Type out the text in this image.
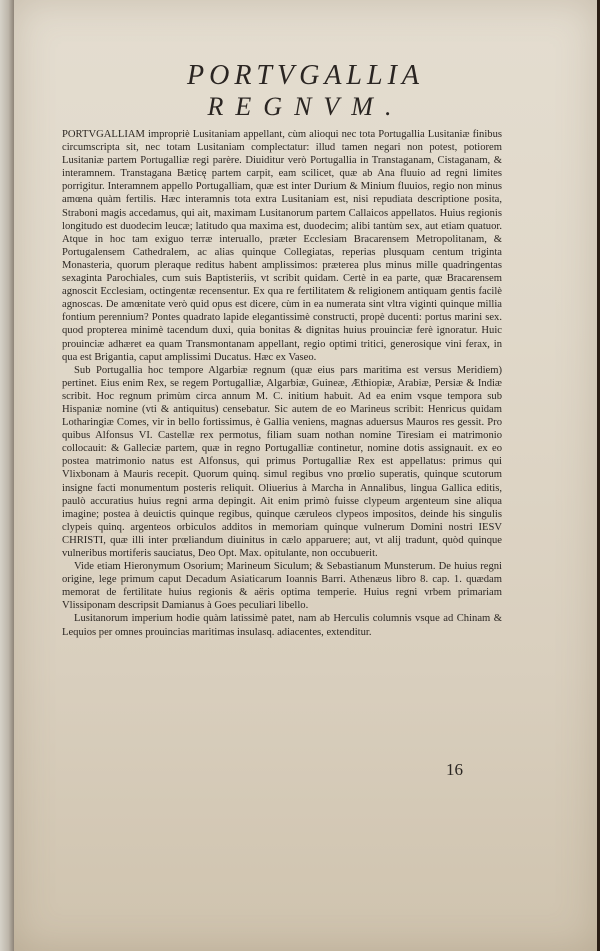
PORTVGALLIA
REGNVM.

PORTVGALLIAM impropriè Lusitaniam appellant, cùm alioqui nec tota Portugallia Lusitaniæ finibus circumscripta sit, nec totam Lusitaniam complectatur: illud tamen negari non potest, potiorem Lusitaniæ partem Portugalliæ regi parère. Diuiditur verò Portugallia in Transtaganam, Cistaganam, & interamnem. Transtagana Bæticę partem carpit, eam scilicet, quæ ab Ana fluuio ad regni limites porrigitur. Interamnem appello Portugalliam, quæ est inter Durium & Minium fluuios, regio non minus amœna quàm fertilis. Hæc interamnis tota extra Lusitaniam est, nisi repudiata descriptione posita, Straboni magis accedamus, qui ait, maximam Lusitanorum partem Callaicos appellatos. Huius regionis longitudo est duodecim leucæ; latitudo qua maxima est, duodecim; alibi tantùm sex, aut etiam quatuor. Atque in hoc tam exiguo terræ interuallo, præter Ecclesiam Bracarensem Metropolitanam, & Portugalensem Cathedralem, ac alias quinque Collegiatas, reperias plusquam centum triginta Monasteria, quorum pleraque reditus habent amplissimos: præterea plus minus mille quadringentas sexaginta Parochiales, cum suis Baptisteriis, vt scribit quidam. Certè in ea parte, quæ Bracarensem agnoscit Ecclesiam, octingentæ recensentur. Ex qua re fertilitatem & religionem antiquam gentis facilè agnoscas. De amœnitate verò quid opus est dicere, cùm in ea numerata sint vltra viginti quinque millia fontium perennium? Pontes quadrato lapide elegantissimè constructi, propè ducenti: portus marini sex. quod propterea minimè tacendum duxi, quia bonitas & dignitas huius prouinciæ ferè ignoratur. Huic prouinciæ adhæret ea quam Transmontanam appellant, regio optimi tritici, generosique vini ferax, in qua est Brigantia, caput amplissimi Ducatus. Hæc ex Vaseo.

Sub Portugallia hoc tempore Algarbiæ regnum (quæ eius pars maritima est versus Meridiem) pertinet. Eius enim Rex, se regem Portugalliæ, Algarbiæ, Guineæ, Æthiopiæ, Arabiæ, Persiæ & Indiæ scribit. Hoc regnum primùm circa annum M. C. initium habuit. Ad ea enim vsque tempora sub Hispaniæ nomine (vti & antiquitus) censebatur. Sic autem de eo Marineus scribit: Henricus quidam Lotharingiæ Comes, vir in bello fortissimus, è Gallia veniens, magnas aduersus Mauros res gessit. Pro quibus Alfonsus VI. Castellæ rex permotus, filiam suam nothan nomine Tiresiam ei matrimonio collocauit: & Galleciæ partem, quæ in regno Portugalliæ continetur, nomine dotis assignauit. ex eo postea matrimonio natus est Alfonsus, qui primus Portugalliæ Rex est appellatus: primus qui Vlixbonam à Mauris recepit. Quorum quinq. simul regibus vno prœlio superatis, quinque scutorum insigne facti monumentum posteris reliquit. Oliuerius à Marcha in Annalibus, lingua Gallica editis, paulò accuratius huius regni arma depingit. Ait enim primò fuisse clypeum argenteum sine aliqua imagine; postea à deuictis quinque regibus, quinque cæruleos clypeos impositos, deinde his singulis clypeis quinq. argenteos orbiculos additos in memoriam quinque vulnerum Domini nostri IESV CHRISTI, quæ illi inter prœliandum diuinitus in cælo apparuere; aut, vt alij tradunt, quòd quinque vulneribus mortiferis sauciatus, Deo Opt. Max. opitulante, non occubuerit.

Vide etiam Hieronymum Osorium; Marineum Siculum; & Sebastianum Munsterum. De huius regni origine, lege primum caput Decadum Asiaticarum Ioannis Barri. Athenæus libro 8. cap. 1. quædam memorat de fertilitate huius regionis & aëris optima temperie. Huius regni vrbem primariam Vlissiponam descripsit Damianus à Goes peculiari libello.

Lusitanorum imperium hodie quàm latissimè patet, nam ab Herculis columnis vsque ad Chinam & Lequios per omnes prouincias maritimas insulasq. adiacentes, extenditur.

16
